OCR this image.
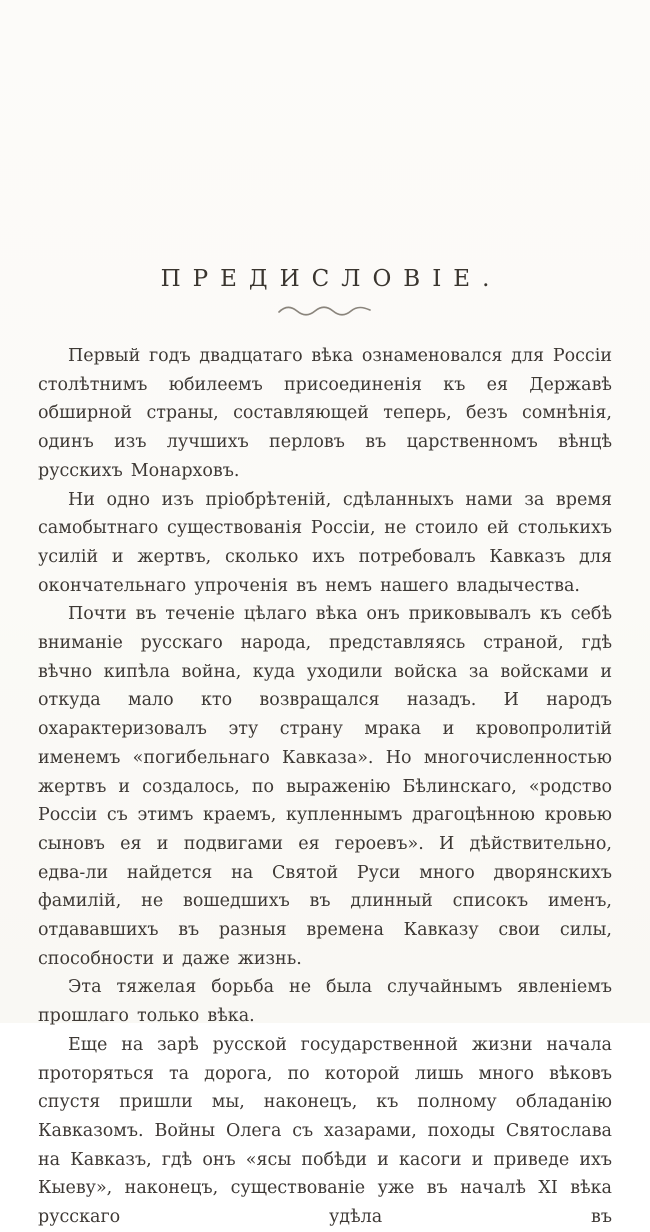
ПРЕДИСЛОВІЕ.

Первый годъ двадцатаго вѣка ознаменовался для Россіи столѣтнимъ юбилеемъ присоединенія къ ея Державѣ обширной страны, составляющей теперь, безъ сомнѣнія, одинъ изъ лучшихъ перловъ въ царственномъ вѣнцѣ русскихъ Монарховъ.

Ни одно изъ пріобрѣтеній, сдѣланныхъ нами за время самобытнаго существованія Россіи, не стоило ей столькихъ усилій и жертвъ, сколько ихъ потребовалъ Кавказъ для окончательнаго упроченія въ немъ нашего владычества.

Почти въ теченіе цѣлаго вѣка онъ приковывалъ къ себѣ вниманіе русскаго народа, представляясь страной, гдѣ вѣчно кипѣла война, куда уходили войска за войсками и откуда мало кто возвращался назадъ. И народъ охарактеризовалъ эту страну мрака и кровопролитій именемъ «погибельнаго Кавказа». Но многочисленностью жертвъ и создалось, по выраженію Бѣлинскаго, «родство Россіи съ этимъ краемъ, купленнымъ драгоцѣнною кровью сыновъ ея и подвигами ея героевъ». И дѣйствительно, едва-ли найдется на Святой Руси много дворянскихъ фамилій, не вошедшихъ въ длинный списокъ именъ, отдававшихъ въ разныя времена Кавказу свои силы, способности и даже жизнь.

Эта тяжелая борьба не была случайнымъ явленіемъ прошлаго только вѣка.

Еще на зарѣ русской государственной жизни начала проторяться та дорога, по которой лишь много вѣковъ спустя пришли мы, наконецъ, къ полному обладанію Кавказомъ. Войны Олега съ хазарами, походы Святослава на Кавказъ, гдѣ онъ «ясы побѣди и касоги и приведе ихъ Кыеву», наконецъ, существованіе уже въ началѣ XI вѣка русскаго удѣла въ
